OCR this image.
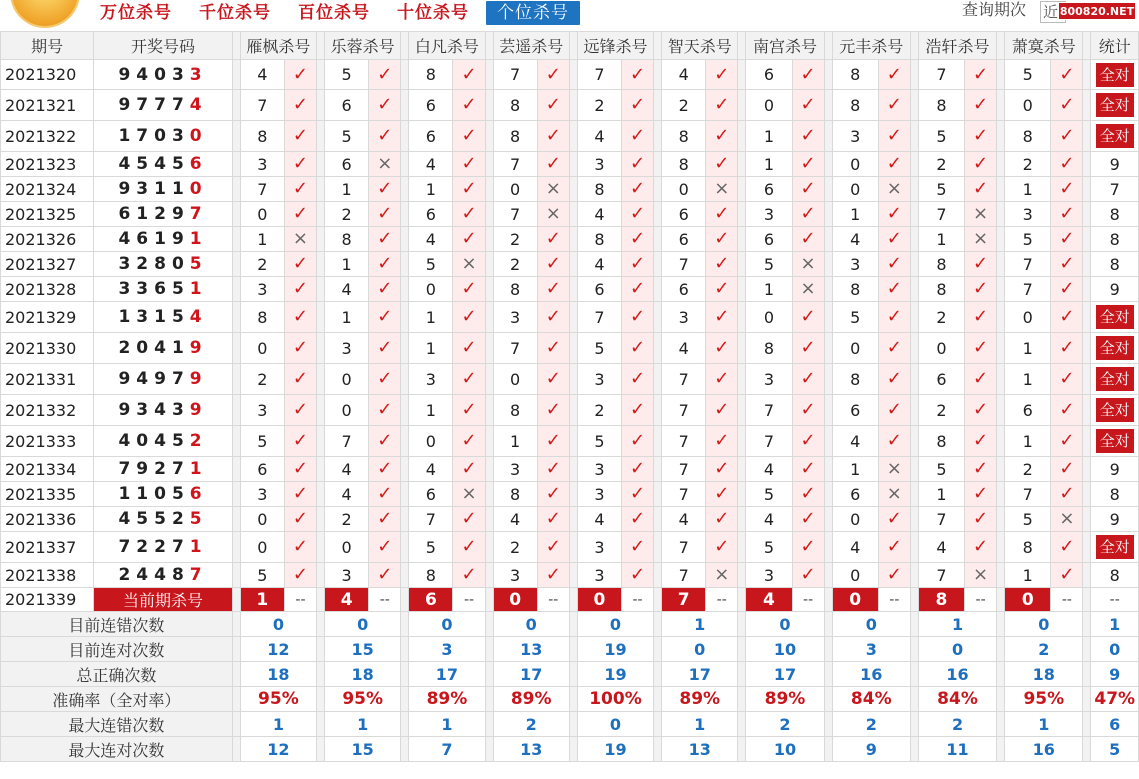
万位杀号	千位杀号	百位杀号	十位杀号	个位杀号	查询期次 近 800820.NET
期号	开奖号码		雁枫杀号			乐蓉杀号			白凡杀号			芸遥杀号			远锋杀号			智天杀号			南宫杀号			元丰杀号			浩轩杀号			萧寞杀号			统计
2021320	94033		4	✓		5	✓		8	✓		7	✓		7	✓		4	✓		6	✓		8	✓		7	✓		5	✓		全对
2021321	97774		7	✓		6	✓		6	✓		8	✓		2	✓		2	✓		0	✓		8	✓		8	✓		0	✓		全对
2021322	17030		8	✓		5	✓		6	✓		8	✓		4	✓		8	✓		1	✓		3	✓		5	✓		8	✓		全对
2021323	45456		3	✓		6	×		4	✓		7	✓		3	✓		8	✓		1	✓		0	✓		2	✓		2	✓		9
2021324	93110		7	✓		1	✓		1	✓		0	×		8	✓		0	×		6	✓		0	×		5	✓		1	✓		7
2021325	61297		0	✓		2	✓		6	✓		7	×		4	✓		6	✓		3	✓		1	✓		7	×		3	✓		8
2021326	46191		1	×		8	✓		4	✓		2	✓		8	✓		6	✓		6	✓		4	✓		1	×		5	✓		8
2021327	32805		2	✓		1	✓		5	×		2	✓		4	✓		7	✓		5	×		3	✓		8	✓		7	✓		8
2021328	33651		3	✓		4	✓		0	✓		8	✓		6	✓		6	✓		1	×		8	✓		8	✓		7	✓		9
2021329	13154		8	✓		1	✓		1	✓		3	✓		7	✓		3	✓		0	✓		5	✓		2	✓		0	✓		全对
2021330	20419		0	✓		3	✓		1	✓		7	✓		5	✓		4	✓		8	✓		0	✓		0	✓		1	✓		全对
2021331	94979		2	✓		0	✓		3	✓		0	✓		3	✓		7	✓		3	✓		8	✓		6	✓		1	✓		全对
2021332	93439		3	✓		0	✓		1	✓		8	✓		2	✓		7	✓		7	✓		6	✓		2	✓		6	✓		全对
2021333	40452		5	✓		7	✓		0	✓		1	✓		5	✓		7	✓		7	✓		4	✓		8	✓		1	✓		全对
2021334	79271		6	✓		4	✓		4	✓		3	✓		3	✓		7	✓		4	✓		1	×		5	✓		2	✓		9
2021335	11056		3	✓		4	✓		6	×		8	✓		3	✓		7	✓		5	✓		6	×		1	✓		7	✓		8
2021336	45525		0	✓		2	✓		7	✓		4	✓		4	✓		4	✓		4	✓		0	✓		7	✓		5	×		9
2021337	72271		0	✓		0	✓		5	✓		2	✓		3	✓		7	✓		5	✓		4	✓		4	✓		8	✓		全对
2021338	24487		5	✓		3	✓		8	✓		3	✓		3	✓		7	×		3	✓		0	✓		7	×		1	✓		8
2021339	当前期杀号		1	--		4	--		6	--		0	--		0	--		7	--		4	--		0	--		8	--		0	--		--
目前连错次数			0			0			0			0			0			1			0			0			1			0			1
目前连对次数			12			15			3			13			19			0			10			3			0			2			0
总正确次数			18			18			17			17			19			17			17			16			16			18			9
准确率（全对率）			95%			95%			89%			89%			100%			89%			89%			84%			84%			95%			47%
最大连错次数			1			1			1			2			0			1			2			2			2			1			6
最大连对次数			12			15			7			13			19			13			10			9			11			16			5
